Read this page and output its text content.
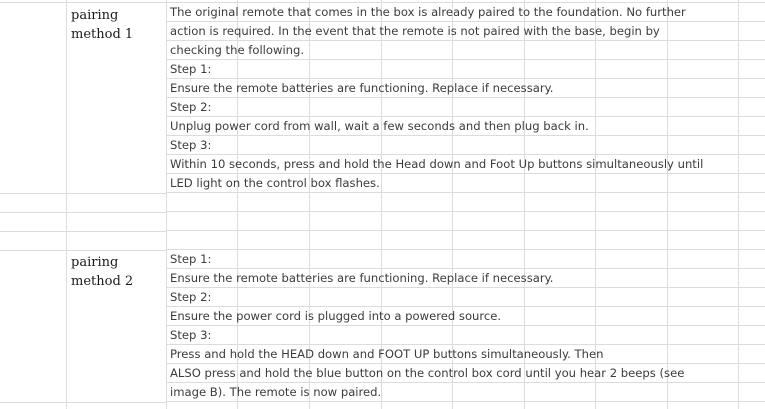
pairing
method 1
The original remote that comes in the box is already paired to the foundation. No further
action is required. In the event that the remote is not paired with the base, begin by
checking the following.
Step 1:
Ensure the remote batteries are functioning. Replace if necessary.
Step 2:
Unplug power cord from wall, wait a few seconds and then plug back in.
Step 3:
Within 10 seconds, press and hold the Head down and Foot Up buttons simultaneously until
LED light on the control box flashes.
pairing
method 2
Step 1:
Ensure the remote batteries are functioning. Replace if necessary.
Step 2:
Ensure the power cord is plugged into a powered source.
Step 3:
Press and hold the HEAD down and FOOT UP buttons simultaneously. Then
ALSO press and hold the blue button on the control box cord until you hear 2 beeps (see
image B). The remote is now paired.
